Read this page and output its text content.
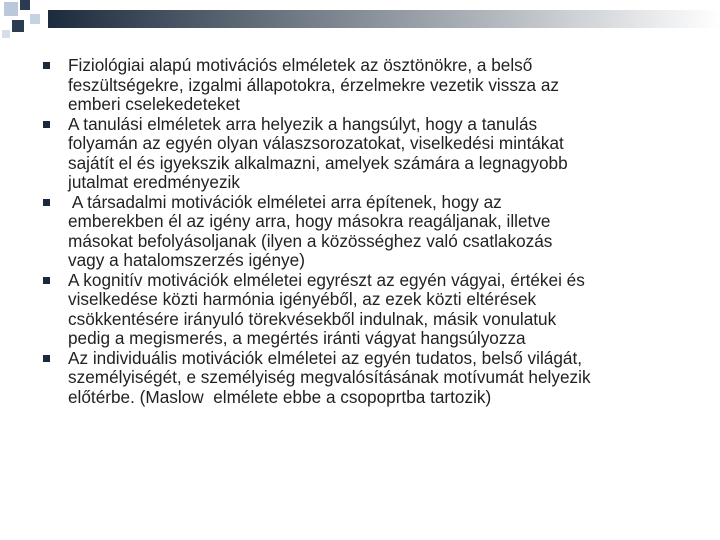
Fiziológiai alapú motivációs elméletek az ösztönökre, a belső
feszültségekre, izgalmi állapotokra, érzelmekre vezetik vissza az
emberi cselekedeteket
A tanulási elméletek arra helyezik a hangsúlyt, hogy a tanulás
folyamán az egyén olyan válaszsorozatokat, viselkedési mintákat
sajátít el és igyekszik alkalmazni, amelyek számára a legnagyobb
jutalmat eredményezik
A társadalmi motivációk elméletei arra építenek, hogy az
emberekben él az igény arra, hogy másokra reagáljanak, illetve
másokat befolyásoljanak (ilyen a közösséghez való csatlakozás
vagy a hatalomszerzés igénye)
A kognitív motivációk elméletei egyrészt az egyén vágyai, értékei és
viselkedése közti harmónia igényéből, az ezek közti eltérések
csökkentésére irányuló törekvésekből indulnak, másik vonulatuk
pedig a megismerés, a megértés iránti vágyat hangsúlyozza
Az individuális motivációk elméletei az egyén tudatos, belső világát,
személyiségét, e személyiség megvalósításának motívumát helyezik
előtérbe. (Maslow  elmélete ebbe a csopoprtba tartozik)
